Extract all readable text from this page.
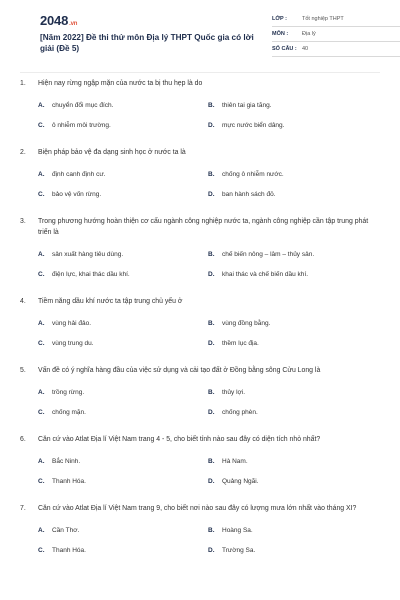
2048.vn
[Năm 2022] Đề thi thử môn Địa lý THPT Quốc gia có lời giải (Đề 5)
LỚP :	Tốt nghiệp THPT
MÔN :	Địa lý
SỐ CÂU : 40
1.	Hiện nay rừng ngập mặn của nước ta bị thu hẹp là do
A.	chuyển đổi mục đích.	B.	thiên tai gia tăng.
C.	ô nhiễm môi trường.	D.	mực nước biển dâng.
2.	Biện pháp bảo vệ đa dạng sinh học ở nước ta là
A.	định canh định cư.	B.	chống ô nhiễm nước.
C.	bảo vệ vốn rừng.	D.	ban hành sách đỏ.
3.	Trong phương hướng hoàn thiện cơ cấu ngành công nghiệp nước ta, ngành công nghiệp cần tập trung phát triển là
A.	sản xuất hàng tiêu dùng.	B.	chế biến nông – lâm – thủy sản.
C.	điện lực, khai thác dầu khí.	D.	khai thác và chế biến dầu khí.
4.	Tiềm năng dầu khí nước ta tập trung chủ yếu ở
A.	vùng hải đảo.	B.	vùng đồng bằng.
C.	vùng trung du.	D.	thềm lục địa.
5.	Vấn đề có ý nghĩa hàng đầu của việc sử dụng và cải tạo đất ở Đồng bằng sông Cửu Long là
A.	trồng rừng.	B.	thủy lợi.
C.	chống mặn.	D.	chống phèn.
6.	Căn cứ vào Atlat Địa lí Việt Nam trang 4 - 5, cho biết tỉnh nào sau đây có diện tích nhỏ nhất?
A.	Bắc Ninh.	B.	Hà Nam.
C.	Thanh Hóa.	D.	Quảng Ngãi.
7.	Căn cứ vào Atlat Địa lí Việt Nam trang 9, cho biết nơi nào sau đây có lượng mưa lớn nhất vào tháng XI?
A.	Cần Thơ.	B.	Hoàng Sa.
C.	Thanh Hóa.	D.	Trường Sa.
